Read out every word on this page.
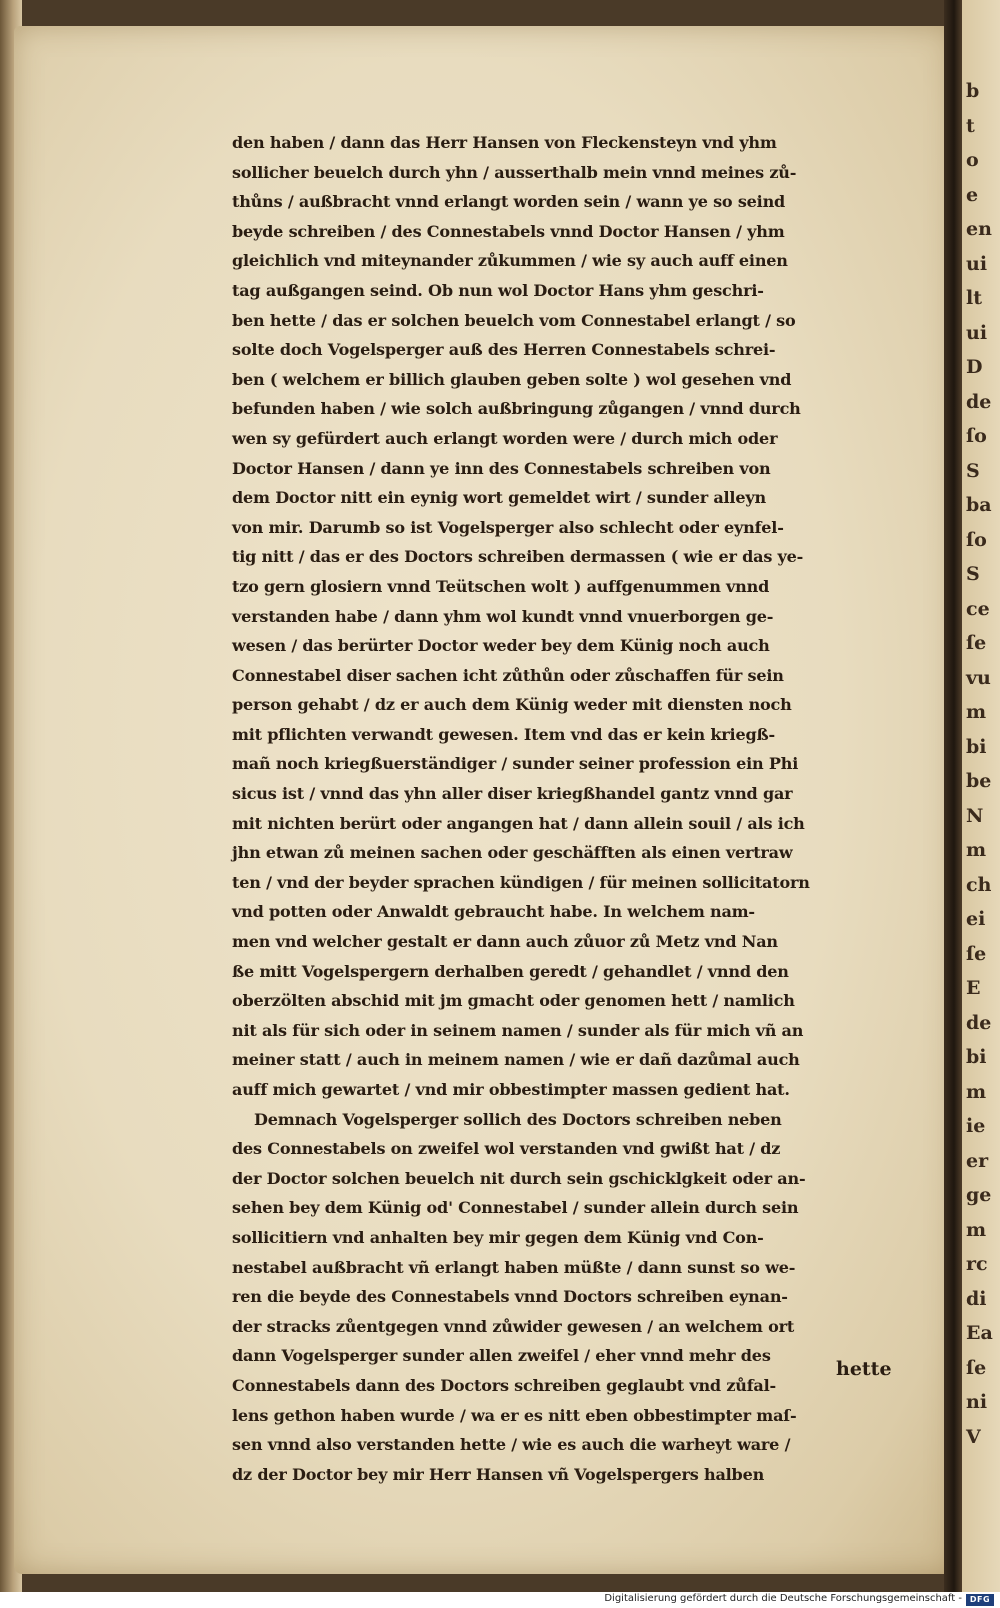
den haben / dann das Herr Hansen von Fleckensteyn vnd yhm
sollicher beuelch durch yhn / ausserthalb mein vnnd meines zů-
thůns / außbracht vnnd erlangt worden sein / wann ye so seind
beyde schreiben / des Connestabels vnnd Doctor Hansen / yhm
gleichlich vnd miteynander zůkummen / wie sy auch auff einen
tag außgangen seind. Ob nun wol Doctor Hans yhm geschri-
ben hette / das er solchen beuelch vom Connestabel erlangt / so
solte doch Vogelsperger auß des Herren Connestabels schrei-
ben ( welchem er billich glauben geben solte ) wol gesehen vnd
befunden haben / wie solch außbringung zůgangen / vnnd durch
wen sy gefürdert auch erlangt worden were / durch mich oder
Doctor Hansen / dann ye inn des Connestabels schreiben von
dem Doctor nitt ein eynig wort gemeldet wirt / sunder alleyn
von mir. Darumb so ist Vogelsperger also schlecht oder eynfel-
tig nitt / das er des Doctors schreiben dermassen ( wie er das ye-
tzo gern glosiern vnnd Teütschen wolt ) auffgenummen vnnd
verstanden habe / dann yhm wol kundt vnnd vnuerborgen ge-
wesen / das berürter Doctor weder bey dem Künig noch auch
Connestabel diser sachen icht zůthůn oder zůschaffen für sein
person gehabt / dz er auch dem Künig weder mit diensten noch
mit pflichten verwandt gewesen. Item vnd das er kein kriegß-
mañ noch kriegßuerständiger / sunder seiner profession ein Phi
sicus ist / vnnd das yhn aller diser kriegßhandel gantz vnnd gar
mit nichten berürt oder angangen hat / dann allein souil / als ich
jhn etwan zů meinen sachen oder geschäfften als einen vertraw
ten / vnd der beyder sprachen kündigen / für meinen sollicitatorn
vnd potten oder Anwaldt gebraucht habe. In welchem nam-
men vnd welcher gestalt er dann auch zůuor zů Metz vnd Nan
ße mitt Vogelspergern derhalben geredt / gehandlet / vnnd den
oberzölten abschid mit jm gmacht oder genomen hett / namlich
nit als für sich oder in seinem namen / sunder als für mich vñ an
meiner statt / auch in meinem namen / wie er dañ dazůmal auch
auff mich gewartet / vnd mir obbestimpter massen gedient hat.
Demnach Vogelsperger sollich des Doctors schreiben neben
des Connestabels on zweifel wol verstanden vnd gwißt hat / dz
der Doctor solchen beuelch nit durch sein gschicklgkeit oder an-
sehen bey dem Künig od' Connestabel / sunder allein durch sein
sollicitiern vnd anhalten bey mir gegen dem Künig vnd Con-
nestabel außbracht vñ erlangt haben müßte / dann sunst so we-
ren die beyde des Connestabels vnnd Doctors schreiben eynan-
der stracks zůentgegen vnnd zůwider gewesen / an welchem ort
dann Vogelsperger sunder allen zweifel / eher vnnd mehr des
Connestabels dann des Doctors schreiben geglaubt vnd zůfal-
lens gethon haben wurde / wa er es nitt eben obbestimpter maſ-
sen vnnd also verstanden hette / wie es auch die warheyt ware /
dz der Doctor bey mir Herr Hansen vñ Vogelspergers halben
hette
b
t
o
e
en
ui
lt
ui
D
de
ſo
S
ba
ſo
S
ce
ſe
vu
m
bi
be
N
m
ch
ei
ſe
E
de
bi
m
ie
er
ge
m
rc
di
Ea
ſe
ni
V
Digitalisierung gefördert durch die Deutsche Forschungsgemeinschaft - DFG
